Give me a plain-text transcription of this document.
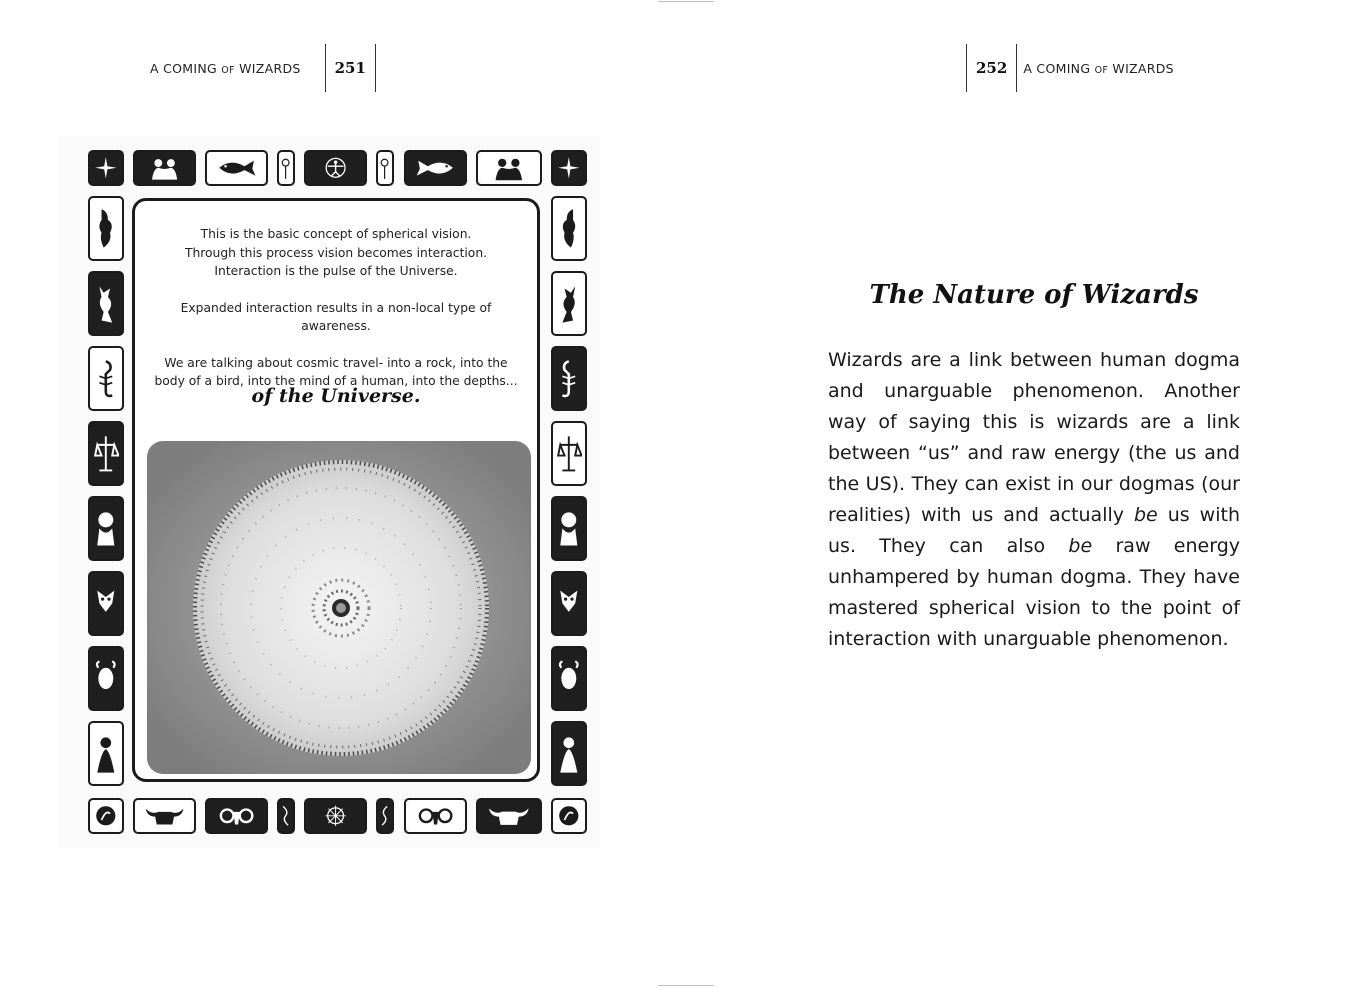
A COMING OF WIZARDS	251	252	A COMING OF WIZARDS

This is the basic concept of spherical vision.

Through this process vision becomes interaction.

Interaction is the pulse of the Universe.

Expanded interaction results in a non-local type of awareness.

We are talking about cosmic travel- into a rock, into the

body of a bird, into the mind of a human, into the depths...

of the Universe.
The Nature of Wizards
Wizards are a link between human dogma and unarguable phenomenon. Another way of saying this is wizards are a link between “us” and raw energy (the us and the US). They can exist in our dogmas (our realities) with us and actually be us with us. They can also be raw energy unhampered by human dogma. They have mastered spherical vision to the point of interaction with unarguable phenomenon.
